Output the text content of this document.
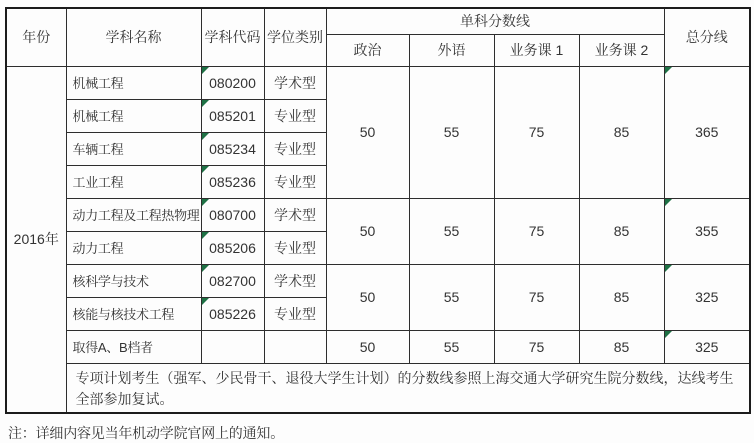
年份	学科名称	学科代码	学位类别	单科分数线				总分线
				政治	外语	业务课 1	业务课 2	
2016年	机械工程	080200	学术型	50	55	75	85	365
	机械工程	085201	专业型					
	车辆工程	085234	专业型					
	工业工程	085236	专业型					
	动力工程及工程热物理	080700	学术型	50	55	75	85	355
	动力工程	085206	专业型					
	核科学与技术	082700	学术型	50	55	75	85	325
	核能与核技术工程	085226	专业型					
	取得A、B档者			50	55	75	85	325
	专项计划考生（强军、少民骨干、退役大学生计划）的分数线参照上海交通大学研究生院分数线，达线考生全部参加复试。							
注：详细内容见当年机动学院官网上的通知。
